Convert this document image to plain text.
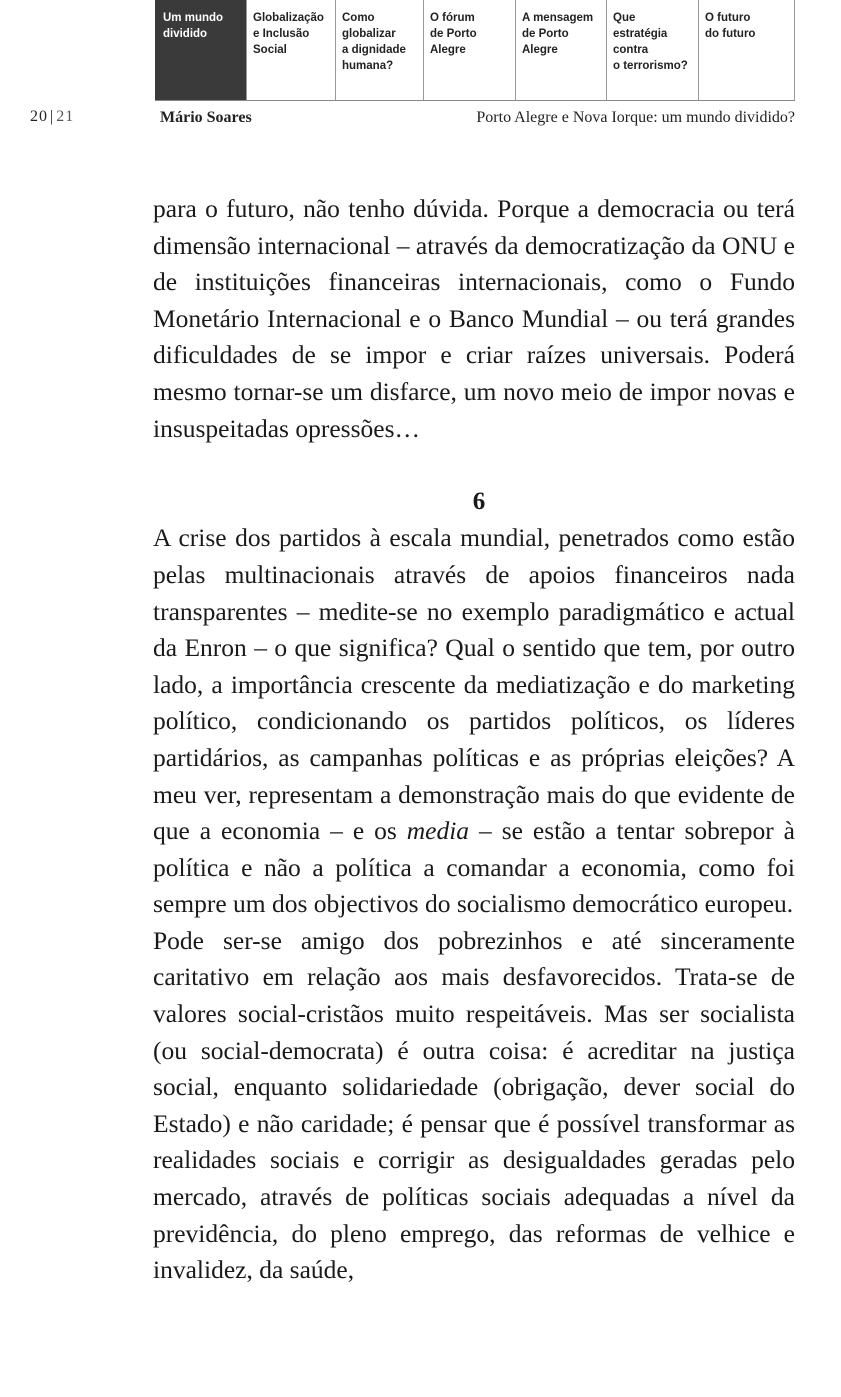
Um mundo
dividido
Globalização
e Inclusão
Social
Como
globalizar
a dignidade
humana?
O fórum
de Porto
Alegre
A mensagem
de Porto
Alegre
Que
estratégia
contra
o terrorismo?
O futuro
do futuro
20 | 21	Mário Soares	Porto Alegre e Nova Iorque: um mundo dividido?

para o futuro, não tenho dúvida. Porque a democracia ou terá dimensão internacional – através da democratização da ONU e de instituições financeiras internacionais, como o Fundo Monetário Internacional e o Banco Mundial – ou terá grandes dificuldades de se impor e criar raízes universais. Poderá mesmo tornar-se um disfarce, um novo meio de impor novas e insuspeitadas opressões…

6

A crise dos partidos à escala mundial, penetrados como estão pelas multinacionais através de apoios financeiros nada transparentes – medite-se no exemplo paradigmático e actual da Enron – o que significa? Qual o sentido que tem, por outro lado, a importância crescente da mediatização e do marketing político, condicionando os partidos políticos, os líderes partidários, as campanhas políticas e as próprias eleições? A meu ver, representam a demonstração mais do que evidente de que a economia – e os media – se estão a tentar sobrepor à política e não a política a comandar a economia, como foi sempre um dos objectivos do socialismo democrático europeu.

Pode ser-se amigo dos pobrezinhos e até sinceramente caritativo em relação aos mais desfavorecidos. Trata-se de valores social-cristãos muito respeitáveis. Mas ser socialista (ou social-democrata) é outra coisa: é acreditar na justiça social, enquanto solidariedade (obrigação, dever social do Estado) e não caridade; é pensar que é possível transformar as realidades sociais e corrigir as desigualdades geradas pelo mercado, através de políticas sociais adequadas a nível da previdência, do pleno emprego, das reformas de velhice e invalidez, da saúde,
